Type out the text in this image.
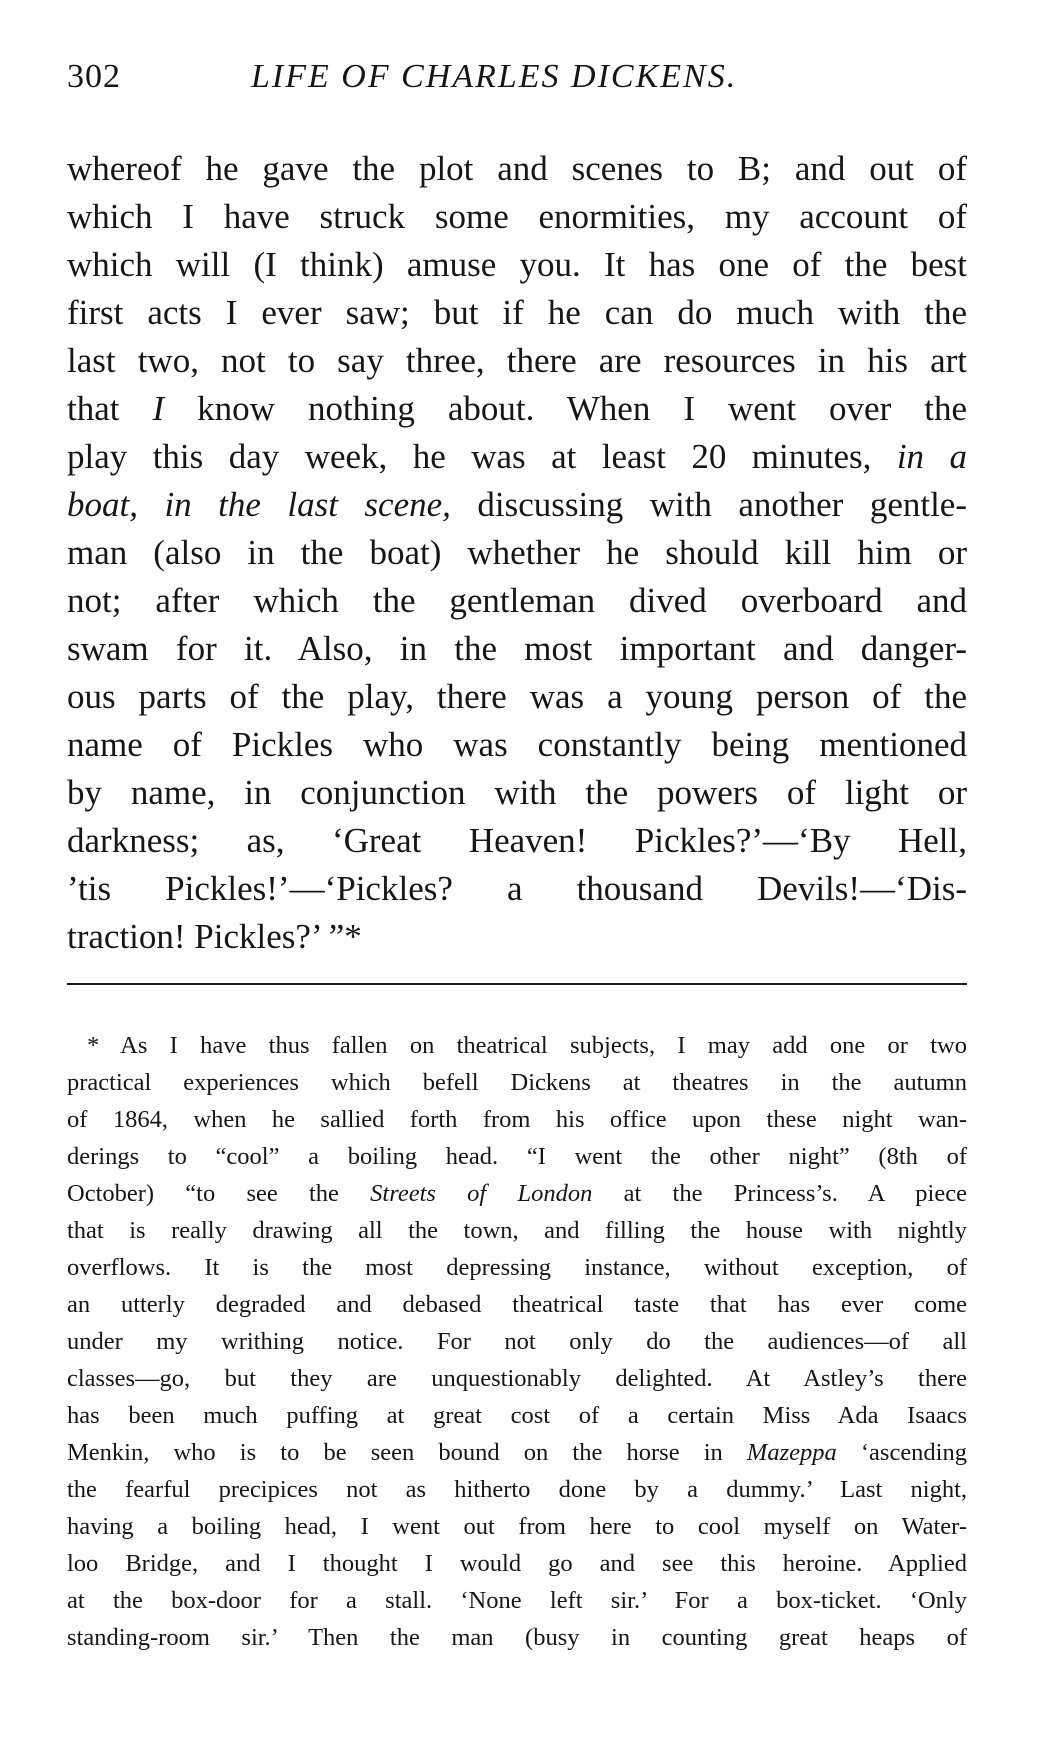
302	LIFE OF CHARLES DICKENS.
whereof he gave the plot and scenes to B; and out of
which I have struck some enormities, my account of
which will (I think) amuse you. It has one of the best
first acts I ever saw; but if he can do much with the
last two, not to say three, there are resources in his art
that I know nothing about. When I went over the
play this day week, he was at least 20 minutes, in a
boat, in the last scene, discussing with another gentle-
man (also in the boat) whether he should kill him or
not; after which the gentleman dived overboard and
swam for it. Also, in the most important and danger-
ous parts of the play, there was a young person of the
name of Pickles who was constantly being mentioned
by name, in conjunction with the powers of light or
darkness; as, ‘Great Heaven! Pickles?’—‘By Hell,
’tis Pickles!’—‘Pickles? a thousand Devils!—‘Dis-
traction! Pickles?’ ”*
* As I have thus fallen on theatrical subjects, I may add one or two
practical experiences which befell Dickens at theatres in the autumn
of 1864, when he sallied forth from his office upon these night wan-
derings to “cool” a boiling head. “I went the other night” (8th of
October) “to see the Streets of London at the Princess’s. A piece
that is really drawing all the town, and filling the house with nightly
overflows. It is the most depressing instance, without exception, of
an utterly degraded and debased theatrical taste that has ever come
under my writhing notice. For not only do the audiences—of all
classes—go, but they are unquestionably delighted. At Astley’s there
has been much puffing at great cost of a certain Miss Ada Isaacs
Menkin, who is to be seen bound on the horse in Mazeppa ‘ascending
the fearful precipices not as hitherto done by a dummy.’ Last night,
having a boiling head, I went out from here to cool myself on Water-
loo Bridge, and I thought I would go and see this heroine. Applied
at the box-door for a stall. ‘None left sir.’ For a box-ticket. ‘Only
standing-room sir.’ Then the man (busy in counting great heaps of
